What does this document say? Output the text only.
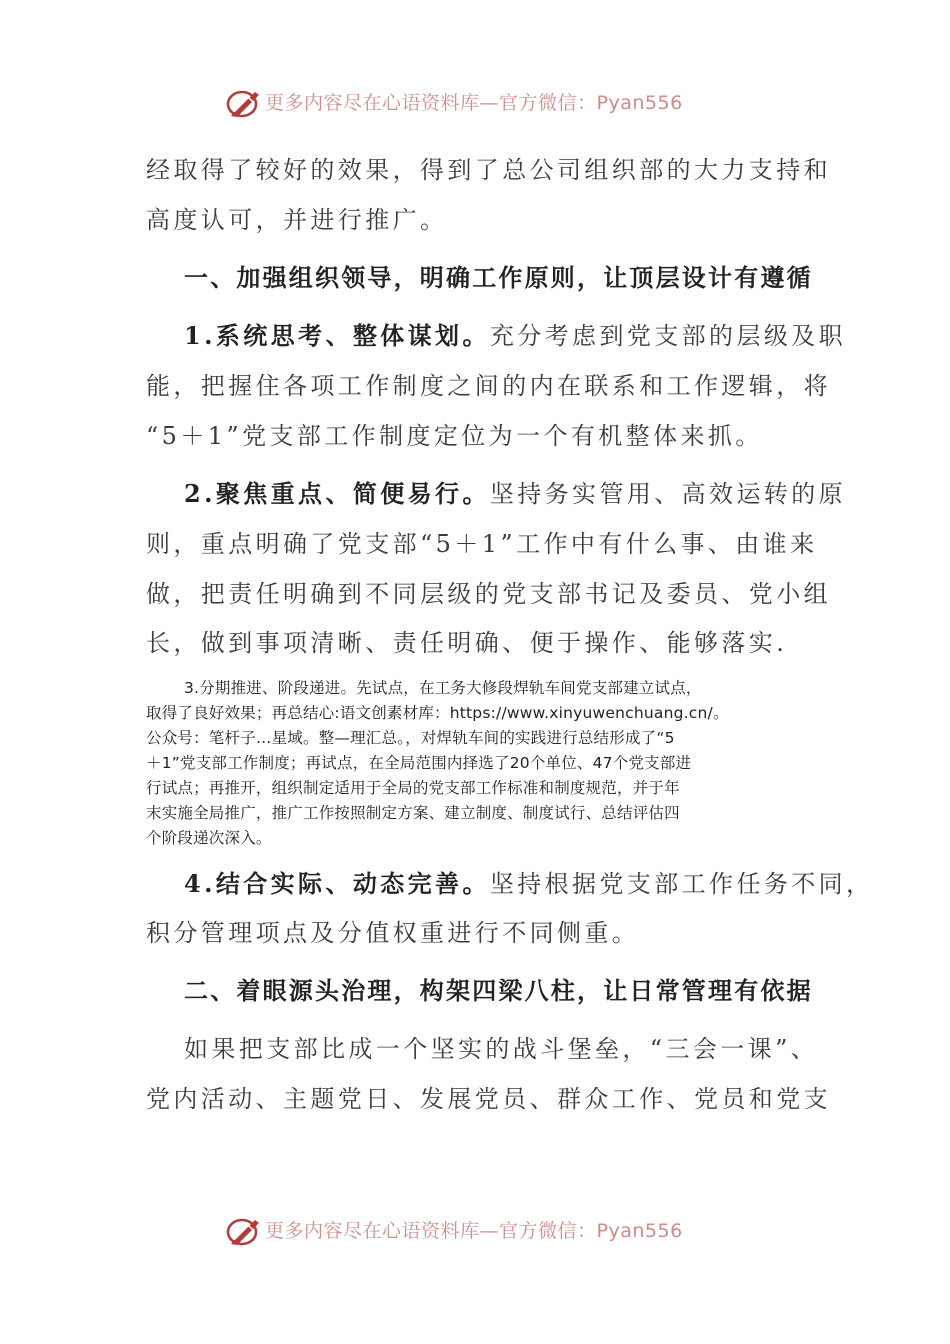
更多内容尽在心语资料库—官方微信：Pyan556
经取得了较好的效果，得到了总公司组织部的大力支持和
高度认可，并进行推广。
一、加强组织领导，明确工作原则，让顶层设计有遵循
1.系统思考、整体谋划。充分考虑到党支部的层级及职
能，把握住各项工作制度之间的内在联系和工作逻辑，将
“5＋1”党支部工作制度定位为一个有机整体来抓。
2.聚焦重点、简便易行。坚持务实管用、高效运转的原
则，重点明确了党支部“5＋1”工作中有什么事、由谁来
做，把责任明确到不同层级的党支部书记及委员、党小组
长，做到事项清晰、责任明确、便于操作、能够落实.
3.分期推进、阶段递进。先试点，在工务大修段焊轨车间党支部建立试点，
取得了良好效果；再总结心:语文创素材库：https://www.xinyuwenchuang.cn/。
公众号：笔杆子…星域。整—理汇总。，对焊轨车间的实践进行总结形成了“5
＋1”党支部工作制度；再试点，在全局范围内择选了20个单位、47个党支部进
行试点；再推开，组织制定适用于全局的党支部工作标准和制度规范，并于年
末实施全局推广，推广工作按照制定方案、建立制度、制度试行、总结评估四
个阶段递次深入。
4.结合实际、动态完善。坚持根据党支部工作任务不同，
积分管理项点及分值权重进行不同侧重。
二、着眼源头治理，构架四梁八柱，让日常管理有依据
如果把支部比成一个坚实的战斗堡垒，“三会一课”、
党内活动、主题党日、发展党员、群众工作、党员和党支
更多内容尽在心语资料库—官方微信：Pyan556
